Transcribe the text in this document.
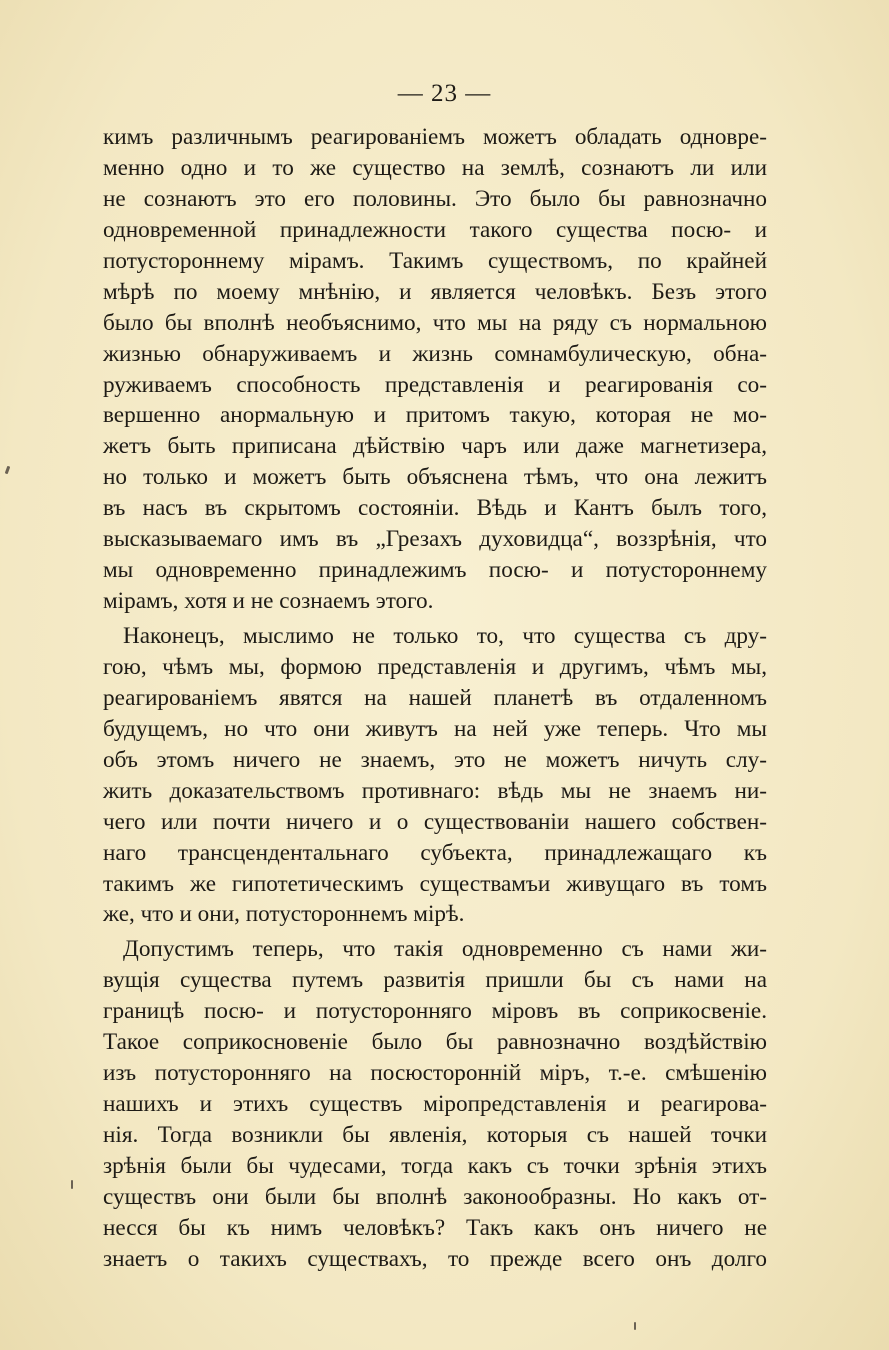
— 23 —
кимъ различнымъ реагированіемъ можетъ обладать одновре-
менно одно и то же существо на землѣ, сознаютъ ли или
не сознаютъ это его половины. Это было бы равнозначно
одновременной принадлежности такого существа посю- и
потустороннему мірамъ. Такимъ существомъ, по крайней
мѣрѣ по моему мнѣнію, и является человѣкъ. Безъ этого
было бы вполнѣ необъяснимо, что мы на ряду съ нормальною
жизнью обнаруживаемъ и жизнь сомнамбулическую, обна-
руживаемъ способность представленія и реагированія со-
вершенно анормальную и притомъ такую, которая не мо-
жетъ быть приписана дѣйствію чаръ или даже магнетизера,
но только и можетъ быть объяснена тѣмъ, что она лежитъ
въ насъ въ скрытомъ состояніи. Вѣдь и Кантъ былъ того,
высказываемаго имъ въ „Грезахъ духовидца“, воззрѣнія, что
мы одновременно принадлежимъ посю- и потустороннему
мірамъ, хотя и не сознаемъ этого.
Наконецъ, мыслимо не только то, что существа съ дру-
гою, чѣмъ мы, формою представленія и другимъ, чѣмъ мы,
реагированіемъ явятся на нашей планетѣ въ отдаленномъ
будущемъ, но что они живутъ на ней уже теперь. Что мы
объ этомъ ничего не знаемъ, это не можетъ ничуть слу-
жить доказательствомъ противнаго: вѣдь мы не знаемъ ни-
чего или почти ничего и о существованіи нашего собствен-
наго трансцендентальнаго субъекта, принадлежащаго къ
такимъ же гипотетическимъ существамъи живущаго въ томъ
же, что и они, потустороннемъ мірѣ.
Допустимъ теперь, что такія одновременно съ нами жи-
вущія существа путемъ развитія пришли бы съ нами на
границѣ посю- и потусторонняго міровъ въ соприкосвеніе.
Такое соприкосновеніе было бы равнозначно воздѣйствію
изъ потусторонняго на посюсторонній міръ, т.-е. смѣшенію
нашихъ и этихъ существъ міропредставленія и реагирова-
нія. Тогда возникли бы явленія, которыя съ нашей точки
зрѣнія были бы чудесами, тогда какъ съ точки зрѣнія этихъ
существъ они были бы вполнѣ законообразны. Но какъ от-
несся бы къ нимъ человѣкъ? Такъ какъ онъ ничего не
знаетъ о такихъ существахъ, то прежде всего онъ долго
